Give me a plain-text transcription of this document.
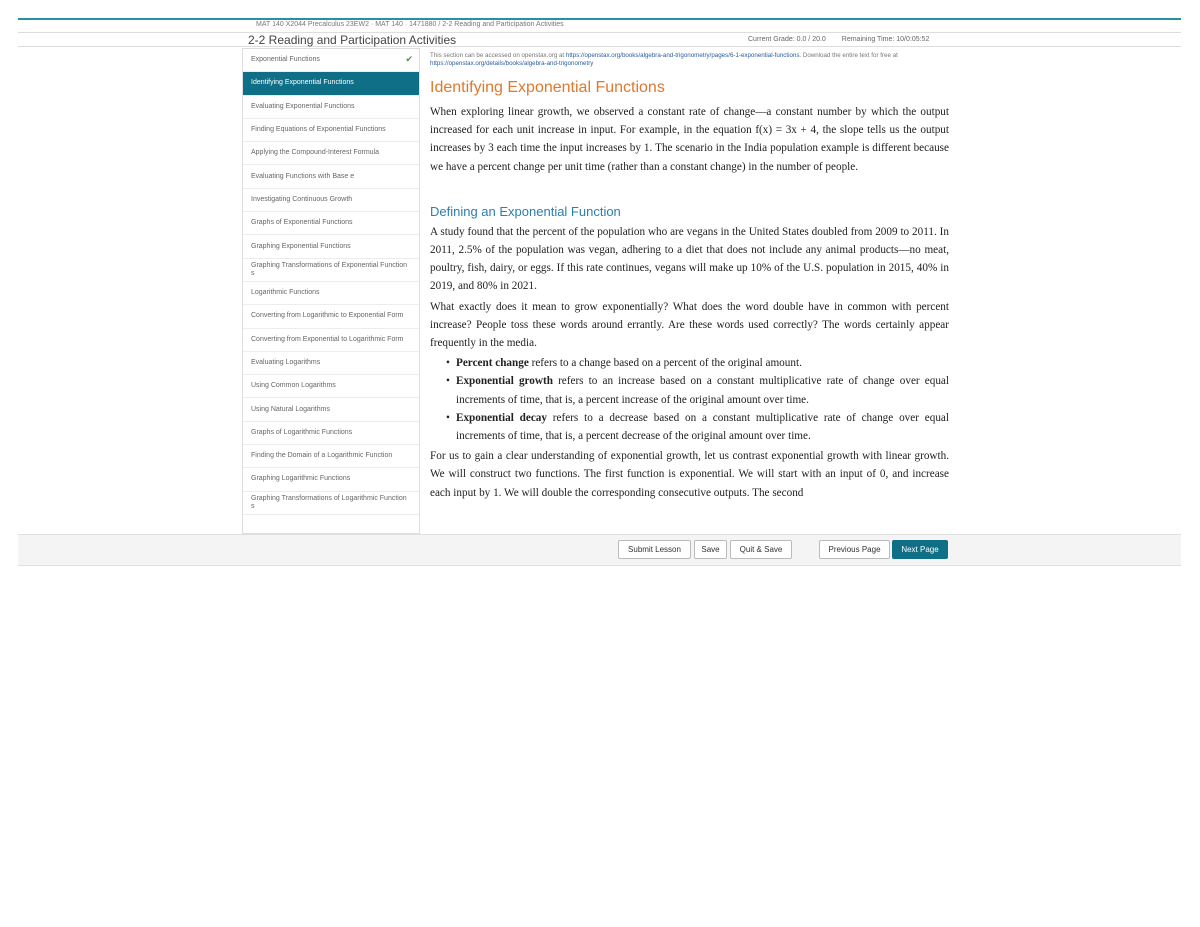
MAT 140 X2044 Precalculus 23EW2 · MAT 140 · 1471880 / 2-2 Reading and Participation Activities
2-2 Reading and Participation Activities	Current Grade: 0.0 / 20.0 Remaining Time: 10/0:05:52
Exponential Functions	✔
Identifying Exponential Functions
Evaluating Exponential Functions
Finding Equations of Exponential Functions
Applying the Compound-Interest Formula
Evaluating Functions with Base e
Investigating Continuous Growth
Graphs of Exponential Functions
Graphing Exponential Functions
Graphing Transformations of Exponential Function s
Logarithmic Functions
Converting from Logarithmic to Exponential Form
Converting from Exponential to Logarithmic Form
Evaluating Logarithms
Using Common Logarithms
Using Natural Logarithms
Graphs of Logarithmic Functions
Finding the Domain of a Logarithmic Function
Graphing Logarithmic Functions
Graphing Transformations of Logarithmic Function s

This section can be accessed on openstax.org at https://openstax.org/books/algebra-and-trigonometry/pages/6-1-exponential-functions. Download the entire text for free at https://openstax.org/details/books/algebra-and-trigonometry

Identifying Exponential Functions

When exploring linear growth, we observed a constant rate of change—a constant number by which the output increased for each unit increase in input. For example, in the equation f(x) = 3x + 4, the slope tells us the output increases by 3 each time the input increases by 1. The scenario in the India population example is different because we have a percent change per unit time (rather than a constant change) in the number of people.

Defining an Exponential Function

A study found that the percent of the population who are vegans in the United States doubled from 2009 to 2011. In 2011, 2.5% of the population was vegan, adhering to a diet that does not include any animal products—no meat, poultry, fish, dairy, or eggs. If this rate continues, vegans will make up 10% of the U.S. population in 2015, 40% in 2019, and 80% in 2021.

What exactly does it mean to grow exponentially? What does the word double have in common with percent increase? People toss these words around errantly. Are these words used correctly? The words certainly appear frequently in the media.

• Percent change refers to a change based on a percent of the original amount.
• Exponential growth refers to an increase based on a constant multiplicative rate of change over equal increments of time, that is, a percent increase of the original amount over time.
• Exponential decay refers to a decrease based on a constant multiplicative rate of change over equal increments of time, that is, a percent decrease of the original amount over time.

For us to gain a clear understanding of exponential growth, let us contrast exponential growth with linear growth. We will construct two functions. The first function is exponential. We will start with an input of 0, and increase each input by 1. We will double the corresponding consecutive outputs. The second

Submit Lesson	Save	Quit & Save	Previous Page	Next Page
